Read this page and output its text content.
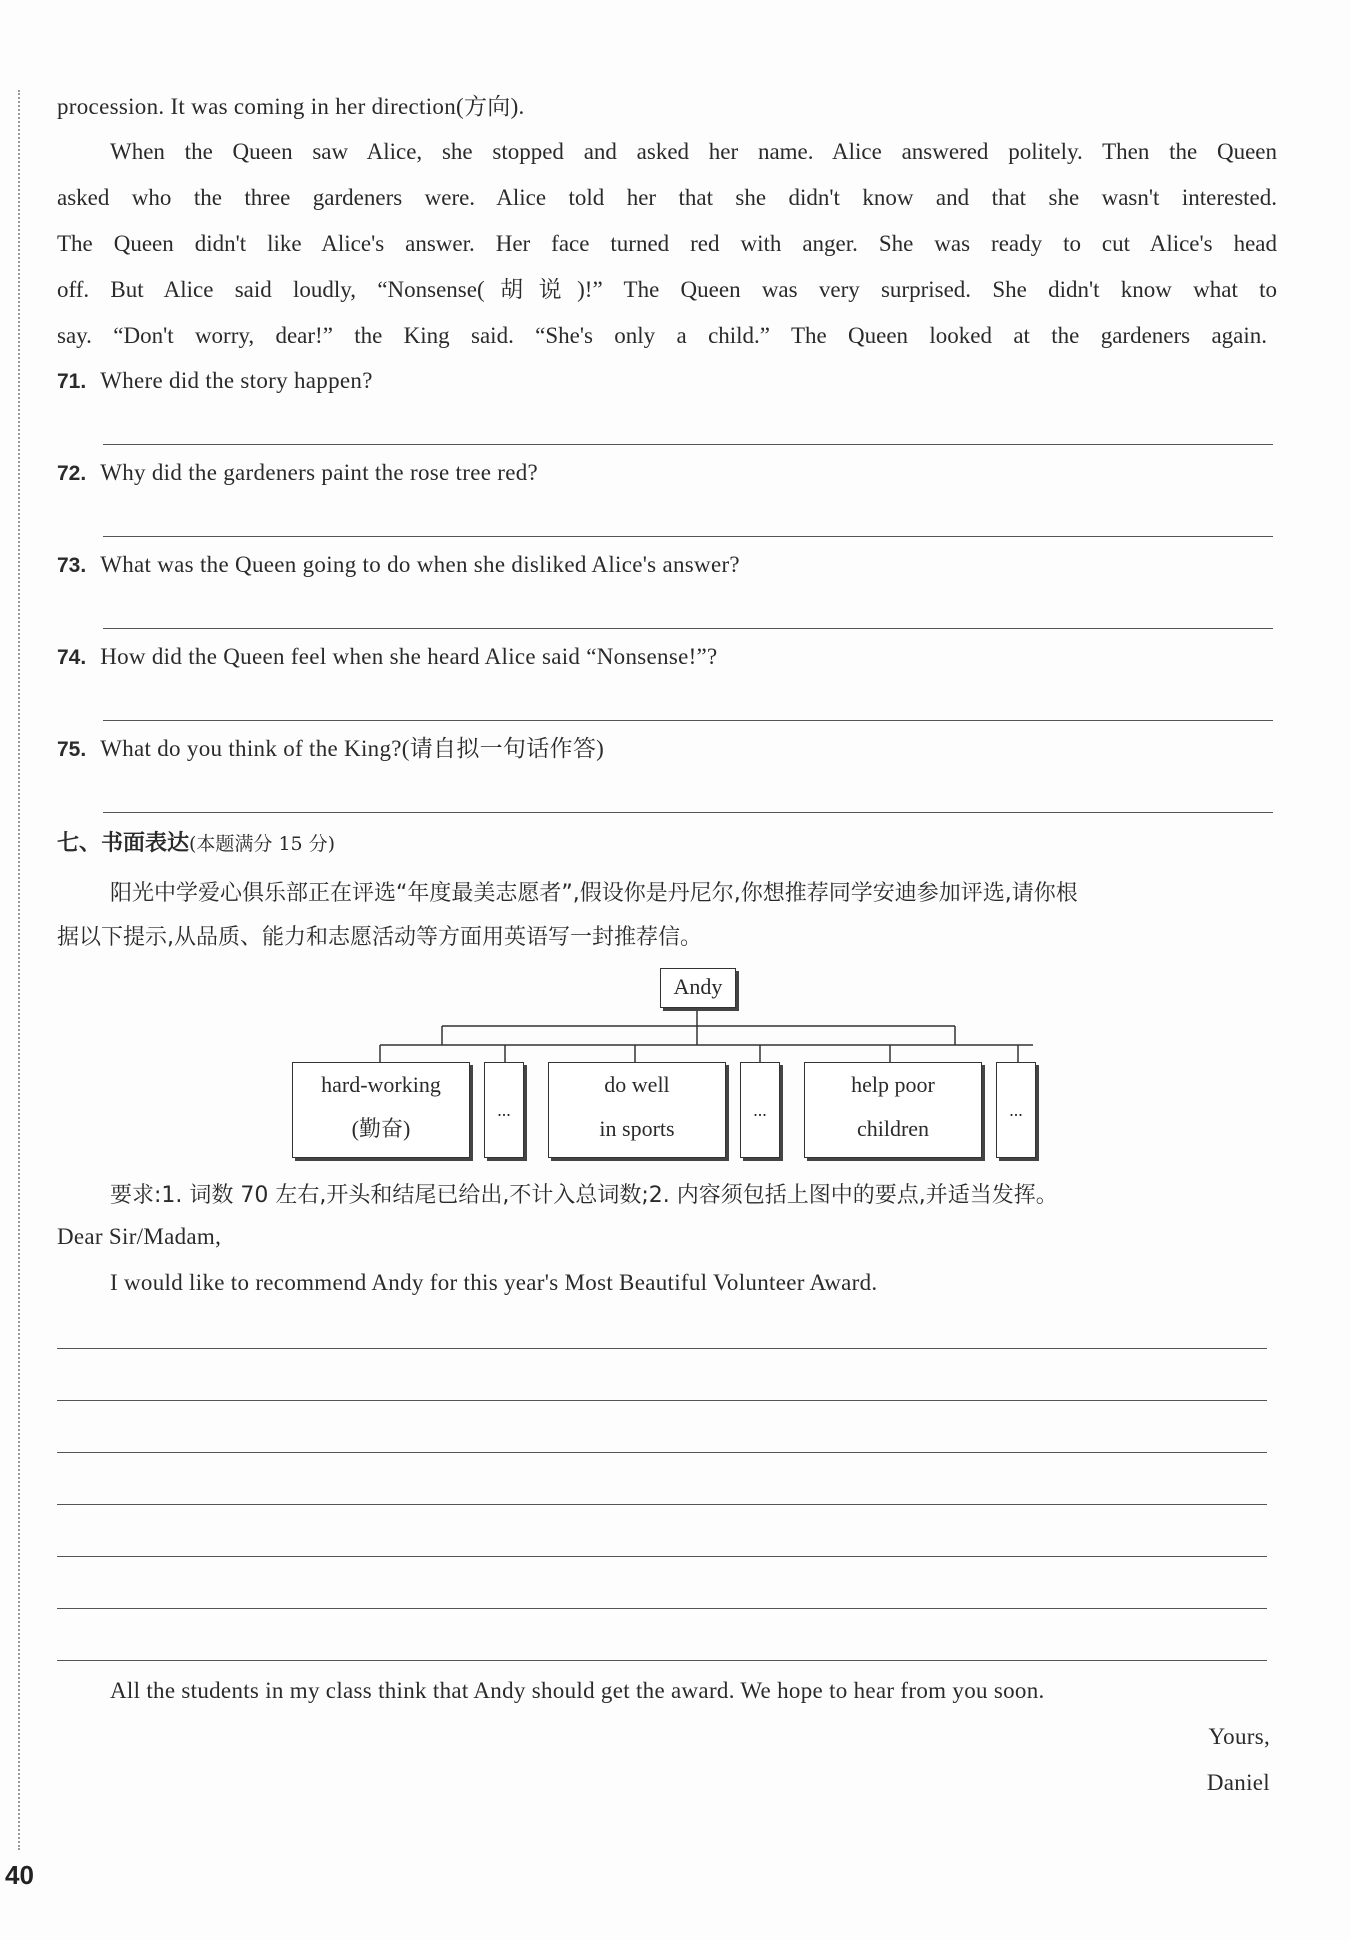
procession. It was coming in her direction(方向).
When the Queen saw Alice, she stopped and asked her name. Alice answered politely. Then the Queen
asked who the three gardeners were. Alice told her that she didn't know and that she wasn't interested.
The Queen didn't like Alice's answer. Her face turned red with anger. She was ready to cut Alice's head
off. But Alice said loudly, “Nonsense(胡说)!” The Queen was very surprised. She didn't know what to
say. “Don't worry, dear!” the King said. “She's only a child.” The Queen looked at the gardeners again.
71. Where did the story happen?
72. Why did the gardeners paint the rose tree red?
73. What was the Queen going to do when she disliked Alice's answer?
74. How did the Queen feel when she heard Alice said “Nonsense!”?
75. What do you think of the King?(请自拟一句话作答)
七、书面表达(本题满分 15 分)
阳光中学爱心俱乐部正在评选“年度最美志愿者”,假设你是丹尼尔,你想推荐同学安迪参加评选,请你根
据以下提示,从品质、能力和志愿活动等方面用英语写一封推荐信。
Andy
hard-working
(勤奋)
...
do well
in sports
...
help poor
children
...
要求:1. 词数 70 左右,开头和结尾已给出,不计入总词数;2. 内容须包括上图中的要点,并适当发挥。
Dear Sir/Madam,
I would like to recommend Andy for this year's Most Beautiful Volunteer Award.
All the students in my class think that Andy should get the award. We hope to hear from you soon.
Yours,
Daniel
40
